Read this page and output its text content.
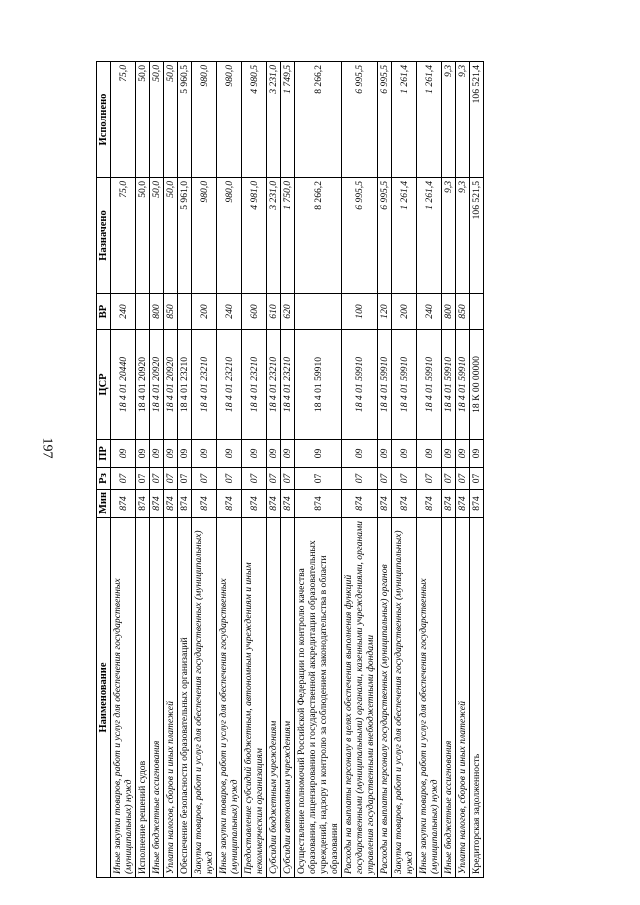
197
Наименование	Мин	Рз	ПР	ЦСР	ВР	Назначено	Исполнено
Иные закупки товаров, работ и услуг для обеспечения государственных (муниципальных) нужд	874	07	09	18 4 01 20440	240	75,0	75,0
Исполнение решений судов	874	07	09	18 4 01 20920		50,0	50,0
Иные бюджетные ассигнования	874	07	09	18 4 01 20920	800	50,0	50,0
Уплата налогов, сборов и иных платежей	874	07	09	18 4 01 20920	850	50,0	50,0
Обеспечение безопасности образовательных организаций	874	07	09	18 4 01 23210		5 961,0	5 960,5
Закупка товаров, работ и услуг для обеспечения государственных (муниципальных) нужд	874	07	09	18 4 01 23210	200	980,0	980,0
Иные закупки товаров, работ и услуг для обеспечения государственных (муниципальных) нужд	874	07	09	18 4 01 23210	240	980,0	980,0
Предоставление субсидий бюджетным, автономным учреждениям и иным некоммерческим организациям	874	07	09	18 4 01 23210	600	4 981,0	4 980,5
Субсидии бюджетным учреждениям	874	07	09	18 4 01 23210	610	3 231,0	3 231,0
Субсидии автономным учреждениям	874	07	09	18 4 01 23210	620	1 750,0	1 749,5
Осуществление полномочий Российской Федерации по контролю качества образования, лицензированию и государственной аккредитации образовательных учреждений, надзору и контролю за соблюдением законодательства в области образования	874	07	09	18 4 01 59910		8 266,2	8 266,2
Расходы на выплаты персоналу в целях обеспечения выполнения функций государственными (муниципальными) органами, казенными учреждениями, органами управления государственными внебюджетными фондами	874	07	09	18 4 01 59910	100	6 995,5	6 995,5
Расходы на выплаты персоналу государственных (муниципальных) органов	874	07	09	18 4 01 59910	120	6 995,5	6 995,5
Закупка товаров, работ и услуг для обеспечения государственных (муниципальных) нужд	874	07	09	18 4 01 59910	200	1 261,4	1 261,4
Иные закупки товаров, работ и услуг для обеспечения государственных (муниципальных) нужд	874	07	09	18 4 01 59910	240	1 261,4	1 261,4
Иные бюджетные ассигнования	874	07	09	18 4 01 59910	800	9,3	9,3
Уплата налогов, сборов и иных платежей	874	07	09	18 4 01 59910	850	9,3	9,3
Кредиторская задолженность	874	07	09	18 К 00 00000		106 521,5	106 521,4
